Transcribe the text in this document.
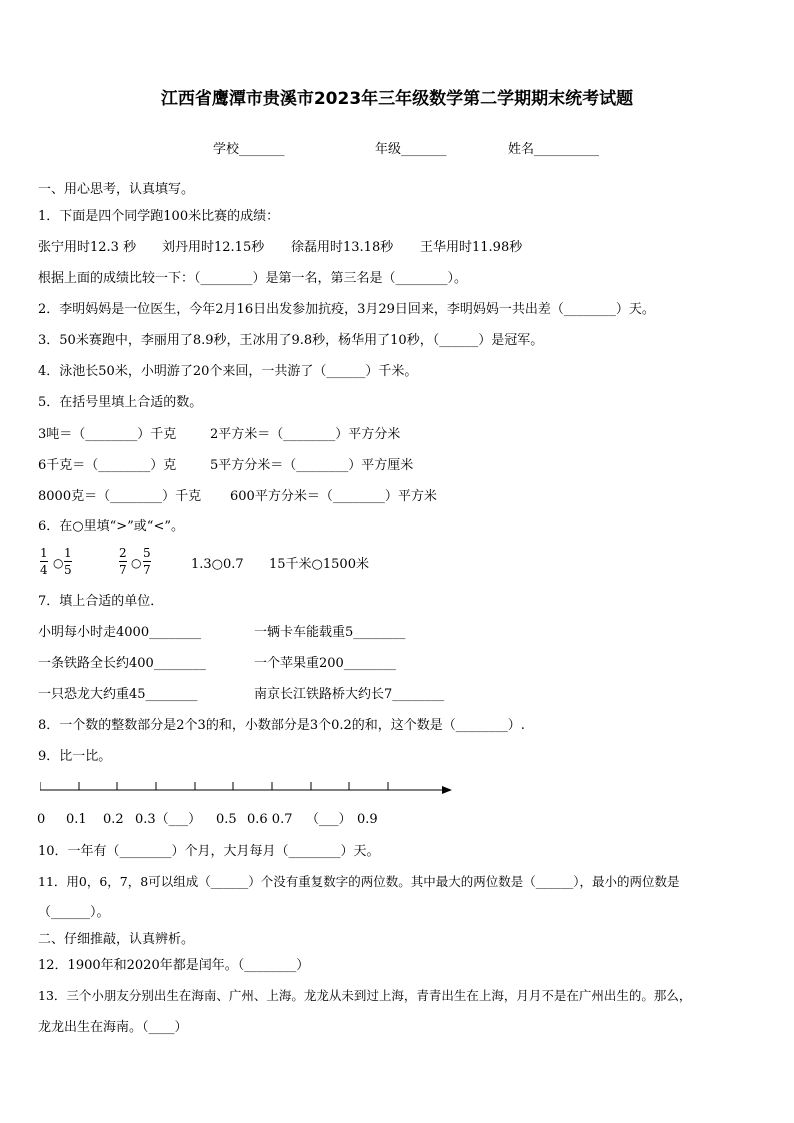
江西省鹰潭市贵溪市2023年三年级数学第二学期期末统考试题
学校_______	年级_______	姓名__________
一、用心思考，认真填写。
1．下面是四个同学跑100米比赛的成绩：
张宁用时12.3 秒 刘丹用时12.15秒 徐磊用时13.18秒 王华用时11.98秒
根据上面的成绩比较一下：（________）是第一名，第三名是（________）。
2．李明妈妈是一位医生，今年2月16日出发参加抗疫，3月29日回来，李明妈妈一共出差（________）天。
3．50米赛跑中，李丽用了8.9秒，王冰用了9.8秒，杨华用了10秒，（______）是冠军。
4．泳池长50米，小明游了20个来回，一共游了（______）千米。
5．在括号里填上合适的数。
3吨＝（________）千克	2平方米＝（________）平方分米
6千克＝（________）克	5平方分米＝（________）平方厘米
8000克＝（________）千克 600平方分米＝（________）平方米
6．在○里填“>”或“<”。
$\frac{1}{4}$ ○ $\frac{1}{5}$	$\frac{2}{7}$ ○ $\frac{5}{7}$	1.3○0.7 15千米○1500米
7．填上合适的单位．
小明每小时走4000________	一辆卡车能载重5________
一条铁路全长约400________	一个苹果重200________
一只恐龙大约重45________	南京长江铁路桥大约长7________
8．一个数的整数部分是2个3的和，小数部分是3个0.2的和，这个数是（________）.
9．比一比。
0 0.1 0.2 0.3（___） 0.5 0.6 0.7 （___） 0.9
10．一年有（________）个月，大月每月（________）天。
11．用0，6，7，8可以组成（______）个没有重复数字的两位数。其中最大的两位数是（______），最小的两位数是
（______）。
二、仔细推敲，认真辨析。
12．1900年和2020年都是闰年。（________）
13．三个小朋友分别出生在海南、广州、上海。龙龙从未到过上海，青青出生在上海，月月不是在广州出生的。那么，
龙龙出生在海南。（____）
